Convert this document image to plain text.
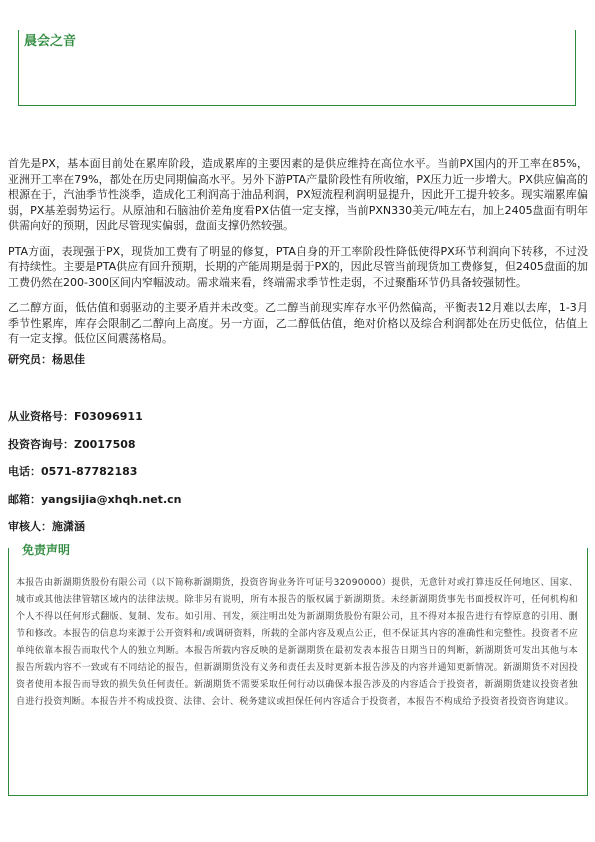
晨会之音

首先是PX，基本面目前处在累库阶段，造成累库的主要因素的是供应维持在高位水平。当前PX国内的开工率在85%，亚洲开工率在79%，都处在历史同期偏高水平。另外下游PTA产量阶段性有所收缩，PX压力近一步增大。PX供应偏高的根源在于，汽油季节性淡季，造成化工利润高于油品利润，PX短流程利润明显提升，因此开工提升较多。现实端累库偏弱，PX基差弱势运行。从原油和石脑油价差角度看PX估值一定支撑，当前PXN330美元/吨左右，加上2405盘面有明年供需向好的预期，因此尽管现实偏弱，盘面支撑仍然较强。

PTA方面，表现强于PX，现货加工费有了明显的修复，PTA自身的开工率阶段性降低使得PX环节利润向下转移，不过没有持续性。主要是PTA供应有回升预期，长期的产能周期是弱于PX的，因此尽管当前现货加工费修复，但2405盘面的加工费仍然在200-300区间内窄幅波动。需求端来看，终端需求季节性走弱，不过聚酯环节仍具备较强韧性。

乙二醇方面，低估值和弱驱动的主要矛盾并未改变。乙二醇当前现实库存水平仍然偏高，平衡表12月难以去库，1-3月季节性累库，库存会限制乙二醇向上高度。另一方面，乙二醇低估值，绝对价格以及综合利润都处在历史低位，估值上有一定支撑。低位区间震荡格局。

研究员：杨思佳
从业资格号：F03096911
投资咨询号：Z0017508
电话：0571-87782183
邮箱：yangsijia@xhqh.net.cn
审核人：施潇涵
免责声明
本报告由新湖期货股份有限公司（以下简称新湖期货，投资咨询业务许可证号32090000）提供，无意针对或打算违反任何地区、国家、城市或其他法律管辖区域内的法律法规。除非另有说明，所有本报告的版权属于新湖期货。未经新湖期货事先书面授权许可，任何机构和个人不得以任何形式翻版、复制、发布。如引用、刊发，须注明出处为新湖期货股份有限公司，且不得对本报告进行有悖原意的引用、删节和修改。本报告的信息均来源于公开资料和/或调研资料，所载的全部内容及观点公正，但不保证其内容的准确性和完整性。投资者不应单纯依靠本报告而取代个人的独立判断。本报告所载内容反映的是新湖期货在最初发表本报告日期当日的判断，新湖期货可发出其他与本报告所载内容不一致或有不同结论的报告，但新湖期货没有义务和责任去及时更新本报告涉及的内容并通知更新情况。新湖期货不对因投资者使用本报告而导致的损失负任何责任。新湖期货不需要采取任何行动以确保本报告涉及的内容适合于投资者，新湖期货建议投资者独自进行投资判断。本报告并不构成投资、法律、会计、税务建议或担保任何内容适合于投资者，本报告不构成给予投资者投资咨询建议。
